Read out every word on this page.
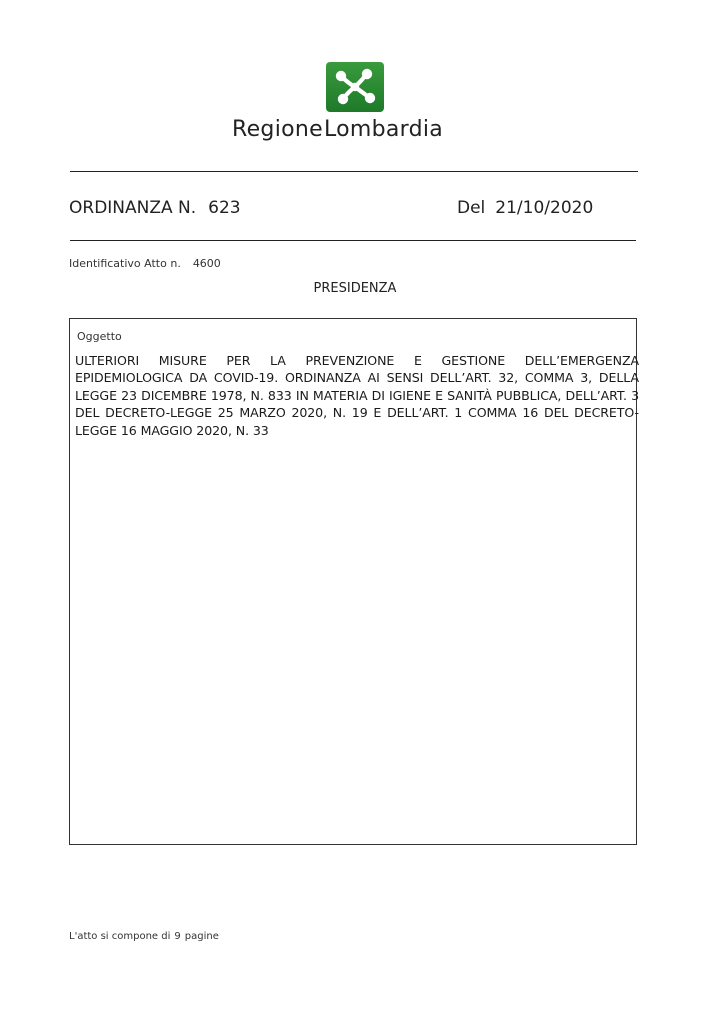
RegioneLombardia
ORDINANZA N. 623	Del 21/10/2020
Identificativo Atto n. 4600
PRESIDENZA
Oggetto
ULTERIORI MISURE PER LA PREVENZIONE E GESTIONE DELL’EMERGENZA EPIDEMIOLOGICA DA COVID-19. ORDINANZA AI SENSI DELL’ART. 32, COMMA 3, DELLA LEGGE 23 DICEMBRE 1978, N. 833 IN MATERIA DI IGIENE E SANITÀ PUBBLICA, DELL’ART. 3 DEL DECRETO-LEGGE 25 MARZO 2020, N. 19 E DELL’ART. 1 COMMA 16 DEL DECRETO-LEGGE 16 MAGGIO 2020, N. 33
L'atto si compone di 9 pagine
